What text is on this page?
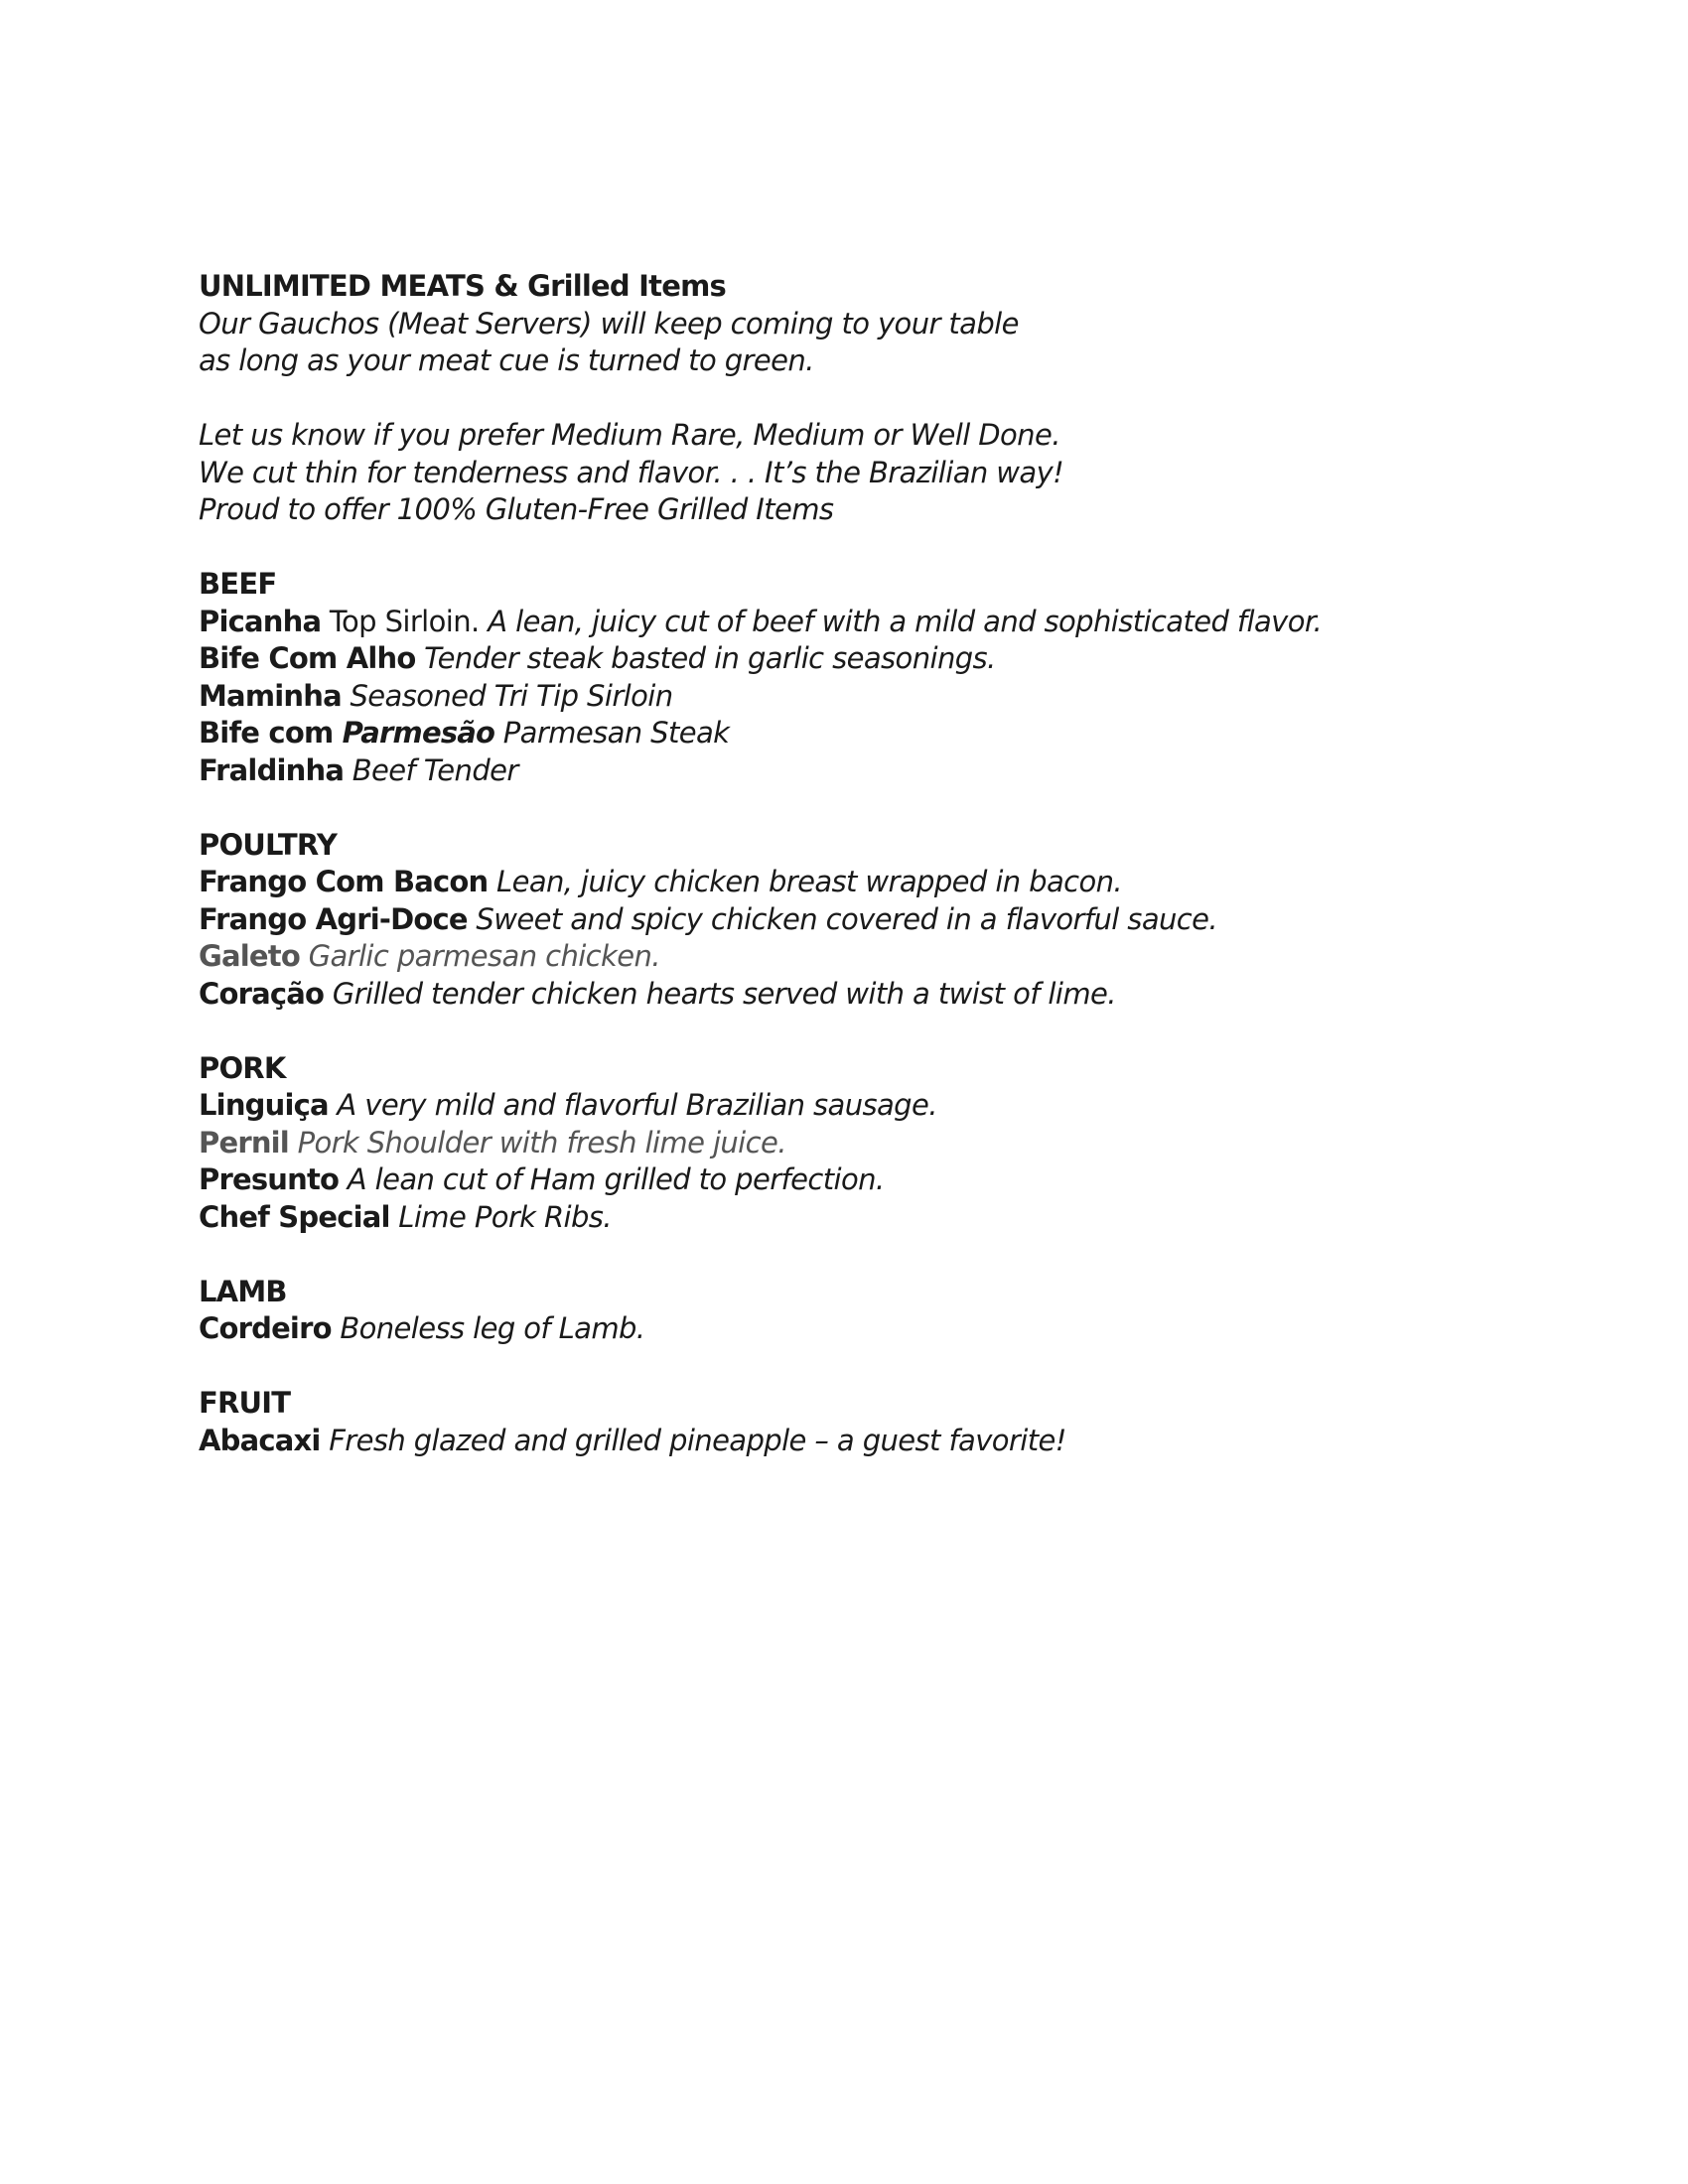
UNLIMITED MEATS & Grilled Items
Our Gauchos (Meat Servers) will keep coming to your table
as long as your meat cue is turned to green.
Let us know if you prefer Medium Rare, Medium or Well Done.
We cut thin for tenderness and flavor. . . It’s the Brazilian way!
Proud to offer 100% Gluten-Free Grilled Items
BEEF
Picanha Top Sirloin. A lean, juicy cut of beef with a mild and sophisticated flavor.
Bife Com Alho Tender steak basted in garlic seasonings.
Maminha Seasoned Tri Tip Sirloin
Bife com Parmesão Parmesan Steak
Fraldinha Beef Tender
POULTRY
Frango Com Bacon Lean, juicy chicken breast wrapped in bacon.
Frango Agri-Doce Sweet and spicy chicken covered in a flavorful sauce.
Galeto Garlic parmesan chicken.
Coração Grilled tender chicken hearts served with a twist of lime.
PORK
Linguiça A very mild and flavorful Brazilian sausage.
Pernil Pork Shoulder with fresh lime juice.
Presunto A lean cut of Ham grilled to perfection.
Chef Special Lime Pork Ribs.
LAMB
Cordeiro Boneless leg of Lamb.
FRUIT
Abacaxi Fresh glazed and grilled pineapple – a guest favorite!
